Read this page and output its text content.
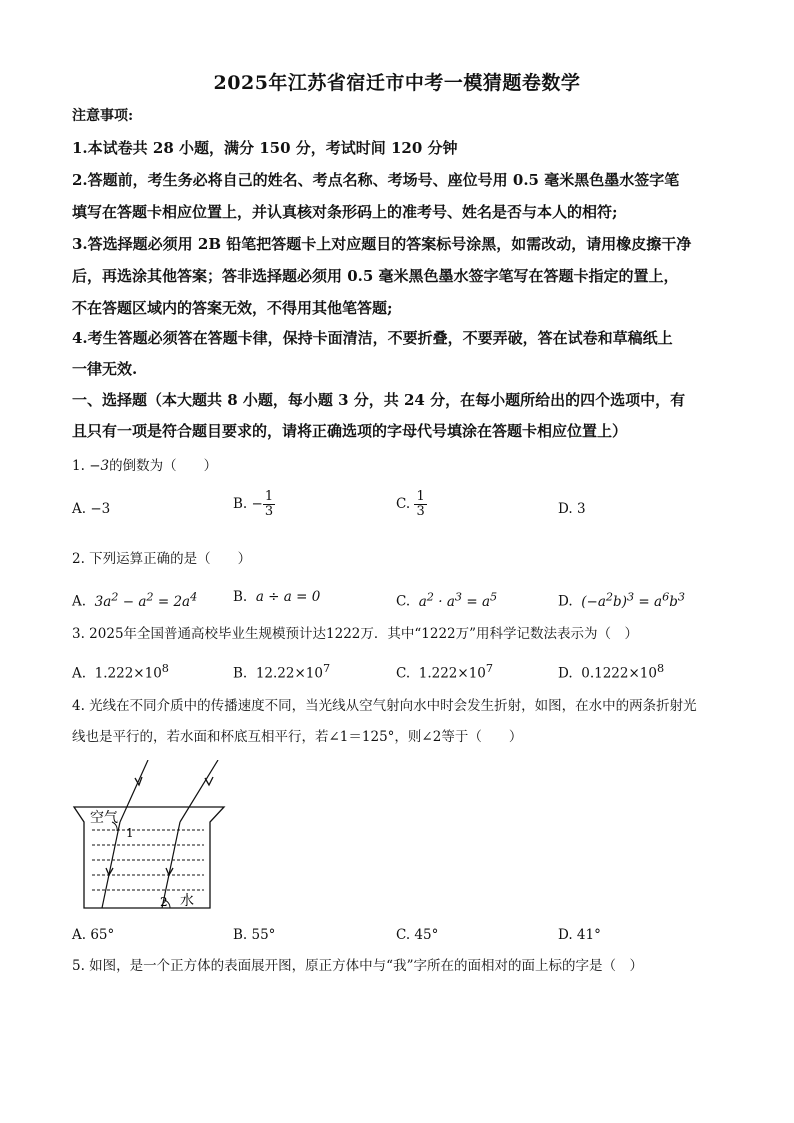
2025年江苏省宿迁市中考一模猜题卷数学
注意事项:
1.本试卷共 28 小题，满分 150 分，考试时间 120 分钟
2.答题前，考生务必将自己的姓名、考点名称、考场号、座位号用 0.5 毫米黑色墨水签字笔
填写在答题卡相应位置上，并认真核对条形码上的准考号、姓名是否与本人的相符;
3.答选择题必须用 2B 铅笔把答题卡上对应题目的答案标号涂黑，如需改动，请用橡皮擦干净
后，再选涂其他答案；答非选择题必须用 0.5 毫米黑色墨水签字笔写在答题卡指定的置上，
不在答题区域内的答案无效，不得用其他笔答题;
4.考生答题必须答在答题卡律，保持卡面清洁，不要折叠，不要弄破，答在试卷和草稿纸上
一律无效.
一、选择题（本大题共 8 小题，每小题 3 分，共 24 分，在每小题所给出的四个选项中，有
且只有一项是符合题目要求的，请将正确选项的字母代号填涂在答题卡相应位置上）
1. −3的倒数为（　　）
A. −3	B. − $\frac{1}{3}$	C. $\frac{1}{3}$	D. 3
2. 下列运算正确的是（　　）
A. $3a^2 - a^2 = 2a^4$	B. a ÷ a = 0	C. $a^2 \cdot a^3 = a^5$	D. $(-a^2b)^3 = a^6b^3$
3. 2025年全国普通高校毕业生规模预计达1222万．其中“1222万”用科学记数法表示为（　）
A. $1.222\times 10^8$	B. $12.22\times 10^7$	C. $1.222\times 10^7$	D. $0.1222\times 10^8$
4. 光线在不同介质中的传播速度不同，当光线从空气射向水中时会发生折射，如图，在水中的两条折射光
线也是平行的，若水面和杯底互相平行，若∠1＝125°，则∠2等于（　　）
空气
1
2 水
A. 65°	B. 55°	C. 45°	D. 41°
5. 如图，是一个正方体的表面展开图，原正方体中与“我”字所在的面相对的面上标的字是（　）
